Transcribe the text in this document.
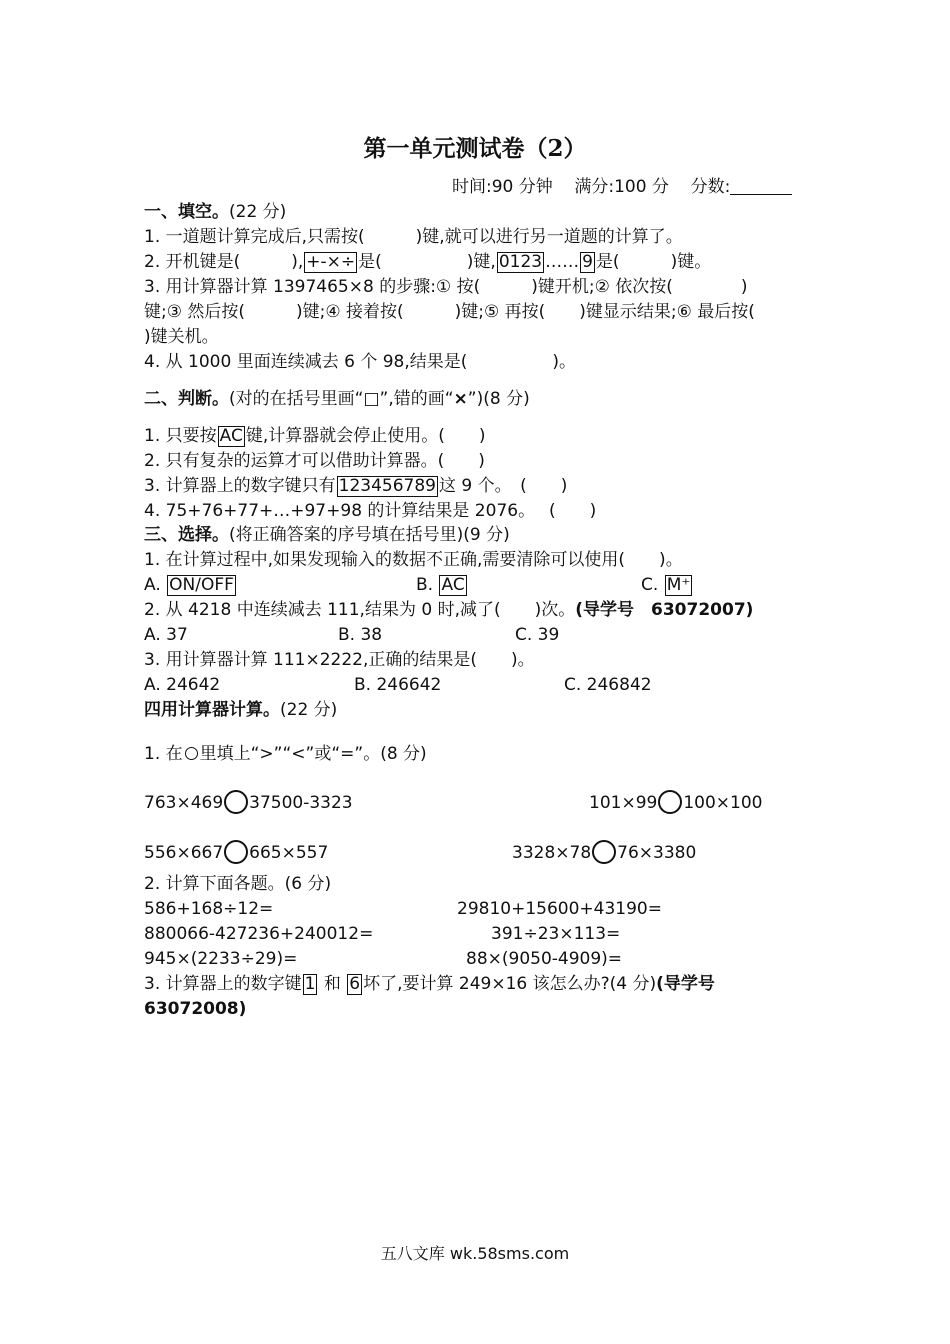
第一单元测试卷（2）
时间:90 分钟 满分:100 分 分数:
一、填空。(22 分)
1. 一道题计算完成后,只需按(　　　)键,就可以进行另一道题的计算了。
2. 开机键是(　　　), +-×÷ 是(　　　　　)键, 0123 …… 9 是(　　　)键。
3. 用计算器计算 1397465×8 的步骤:① 按(　　　)键开机;② 依次按(　　　　)
键;③ 然后按(　　　)键;④ 接着按(　　　)键;⑤ 再按(　　)键显示结果;⑥ 最后按(
)键关机。
4. 从 1000 里面连续减去 6 个 98,结果是(　　　　　)。
二、判断。(对的在括号里画“□”,错的画“×”)(8 分)
1. 只要按 AC 键,计算器就会停止使用。(　　)
2. 只有复杂的运算才可以借助计算器。(　　)
3. 计算器上的数字键只有 123456789 这 9 个。　(　　)
4. 75+76+77+…+97+98 的计算结果是 2076。　 (　　)
三、选择。(将正确答案的序号填在括号里)(9 分)
1. 在计算过程中,如果发现输入的数据不正确,需要清除可以使用(　　)。
A. ON/OFF	B. AC	C. M⁺
2. 从 4218 中连续减去 111,结果为 0 时,减了(　　)次。(导学号　63072007)
A. 37	B. 38	C. 39
3. 用计算器计算 111×2222,正确的结果是(　　)。
A. 24642	B. 246642	C. 246842
四用计算器计算。(22 分)
1. 在 里填上“>”“<”或“=”。(8 分)
763×469 37500-3323	101×99 100×100
556×667 665×557	3328×78 76×3380
2. 计算下面各题。(6 分)
586+168÷12=	29810+15600+43190=
880066-427236+240012=	391÷23×113=
945×(2233÷29)=	88×(9050-4909)=
3. 计算器上的数字键 1 和 6 坏了,要计算 249×16 该怎么办?(4 分)(导学号
63072008)
五八文库 wk.58sms.com
